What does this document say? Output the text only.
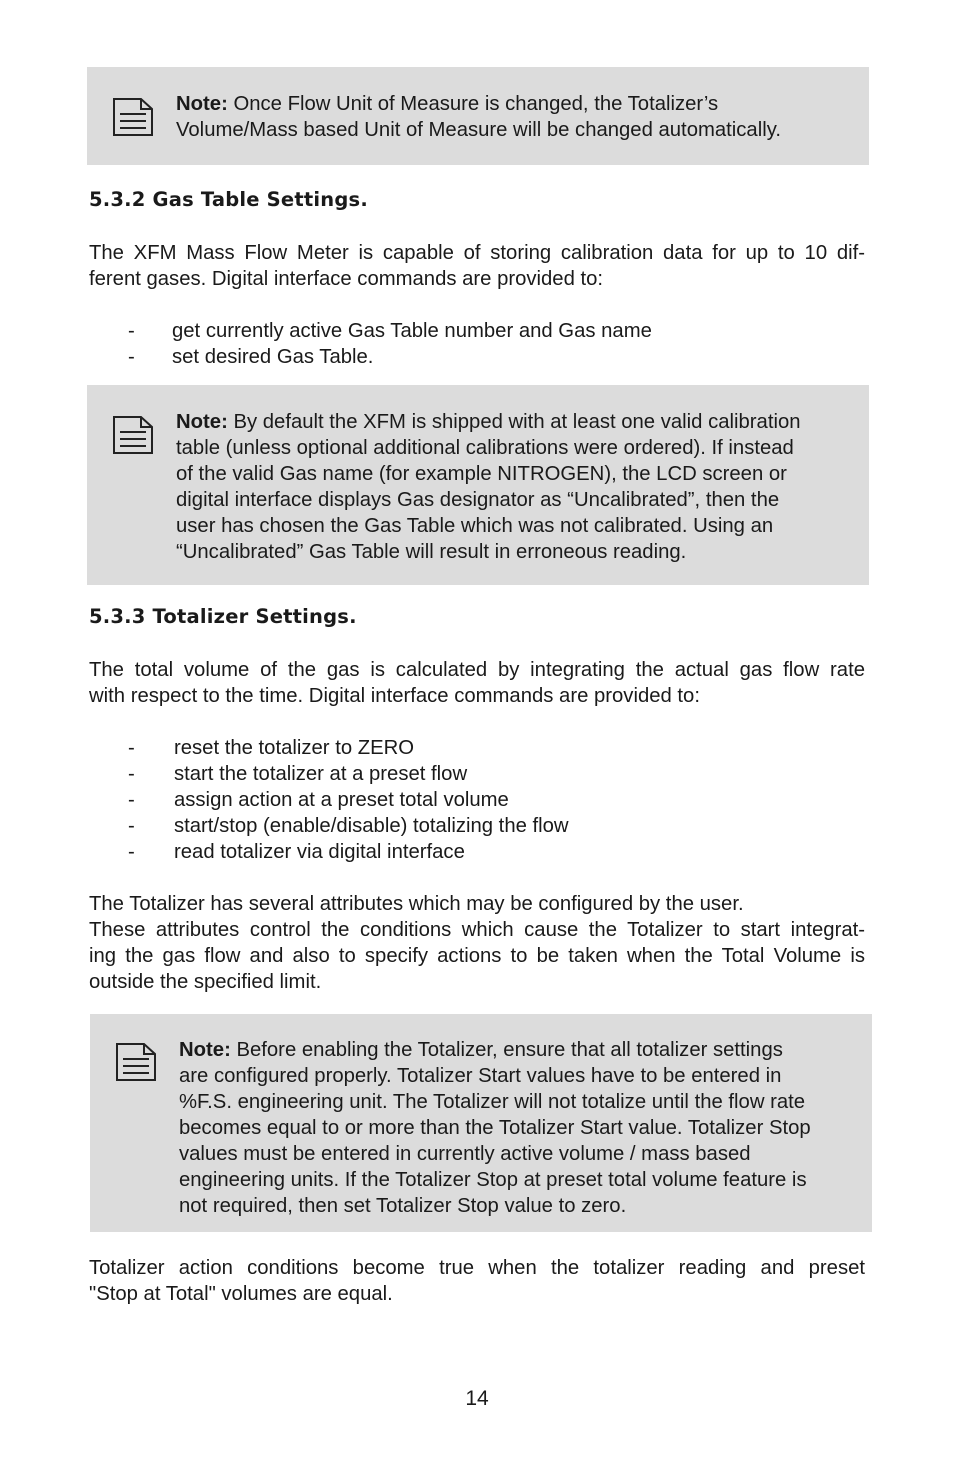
Note: Once Flow Unit of Measure is changed, the Totalizer’s
Volume/Mass based Unit of Measure will be changed automatically.
5.3.2 Gas Table Settings.
The XFM Mass Flow Meter is capable of storing calibration data for up to 10 dif-
ferent gases. Digital interface commands are provided to:
- get currently active Gas Table number and Gas name
- set desired Gas Table.
Note: By default the XFM is shipped with at least one valid calibration
table (unless optional additional calibrations were ordered). If instead
of the valid Gas name (for example NITROGEN), the LCD screen or
digital interface displays Gas designator as “Uncalibrated”, then the
user has chosen the Gas Table which was not calibrated. Using an
“Uncalibrated” Gas Table will result in erroneous reading.
5.3.3 Totalizer Settings.
The total volume of the gas is calculated by integrating the actual gas flow rate
with respect to the time. Digital interface commands are provided to:
- reset the totalizer to ZERO
- start the totalizer at a preset flow
- assign action at a preset total volume
- start/stop (enable/disable) totalizing the flow
- read totalizer via digital interface
The Totalizer has several attributes which may be configured by the user.
These attributes control the conditions which cause the Totalizer to start integrat-
ing the gas flow and also to specify actions to be taken when the Total Volume is
outside the specified limit.
Note: Before enabling the Totalizer, ensure that all totalizer settings
are configured properly. Totalizer Start values have to be entered in
%F.S. engineering unit. The Totalizer will not totalize until the flow rate
becomes equal to or more than the Totalizer Start value. Totalizer Stop
values must be entered in currently active volume / mass based
engineering units. If the Totalizer Stop at preset total volume feature is
not required, then set Totalizer Stop value to zero.
Totalizer action conditions become true when the totalizer reading and preset
"Stop at Total" volumes are equal.
14
